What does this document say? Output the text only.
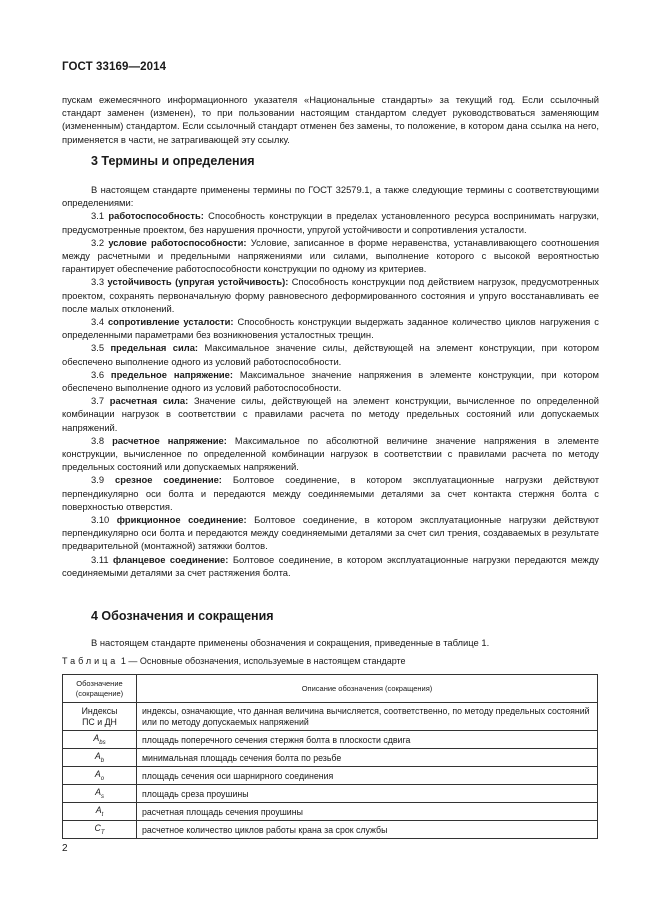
ГОСТ 33169—2014

пускам ежемесячного информационного указателя «Национальные стандарты» за текущий год. Если ссылочный стандарт заменен (изменен), то при пользовании настоящим стандартом следует руководствоваться заменяющим (измененным) стандартом. Если ссылочный стандарт отменен без замены, то положение, в котором дана ссылка на него, применяется в части, не затрагивающей эту ссылку.

3 Термины и определения

В настоящем стандарте применены термины по ГОСТ 32579.1, а также следующие термины с соответствующими определениями:

3.1 работоспособность: Способность конструкции в пределах установленного ресурса воспринимать нагрузки, предусмотренные проектом, без нарушения прочности, упругой устойчивости и сопротивления усталости.

3.2 условие работоспособности: Условие, записанное в форме неравенства, устанавливающего соотношения между расчетными и предельными напряжениями или силами, выполнение которого с высокой вероятностью гарантирует обеспечение работоспособности конструкции по одному из критериев.

3.3 устойчивость (упругая устойчивость): Способность конструкции под действием нагрузок, предусмотренных проектом, сохранять первоначальную форму равновесного деформированного состояния и упруго восстанавливать ее после малых отклонений.

3.4 сопротивление усталости: Способность конструкции выдержать заданное количество циклов нагружения с определенными параметрами без возникновения усталостных трещин.

3.5 предельная сила: Максимальное значение силы, действующей на элемент конструкции, при котором обеспечено выполнение одного из условий работоспособности.

3.6 предельное напряжение: Максимальное значение напряжения в элементе конструкции, при котором обеспечено выполнение одного из условий работоспособности.

3.7 расчетная сила: Значение силы, действующей на элемент конструкции, вычисленное по определенной комбинации нагрузок в соответствии с правилами расчета по методу предельных состояний или допускаемых напряжений.

3.8 расчетное напряжение: Максимальное по абсолютной величине значение напряжения в элементе конструкции, вычисленное по определенной комбинации нагрузок в соответствии с правилами расчета по методу предельных состояний или допускаемых напряжений.

3.9 срезное соединение: Болтовое соединение, в котором эксплуатационные нагрузки действуют перпендикулярно оси болта и передаются между соединяемыми деталями за счет контакта стержня болта с поверхностью отверстия.

3.10 фрикционное соединение: Болтовое соединение, в котором эксплуатационные нагрузки действуют перпендикулярно оси болта и передаются между соединяемыми деталями за счет сил трения, создаваемых в результате предварительной (монтажной) затяжки болтов.

3.11 фланцевое соединение: Болтовое соединение, в котором эксплуатационные нагрузки передаются между соединяемыми деталями за счет растяжения болта.

4 Обозначения и сокращения

В настоящем стандарте применены обозначения и сокращения, приведенные в таблице 1.

Таблица 1 — Основные обозначения, используемые в настоящем стандарте
Обозначение
(сокращение)	Описание обозначения (сокращения)
Индексы
ПС и ДН	индексы, означающие, что данная величина вычисляется, соответственно, по методу предельных состояний или по методу допускаемых напряжений
$A_{bs}$	площадь поперечного сечения стержня болта в плоскости сдвига
$A_b$	минимальная площадь сечения болта по резьбе
$A_o$	площадь сечения оси шарнирного соединения
$A_s$	площадь среза проушины
$A_t$	расчетная площадь сечения проушины
$C_T$	расчетное количество циклов работы крана за срок службы
2
